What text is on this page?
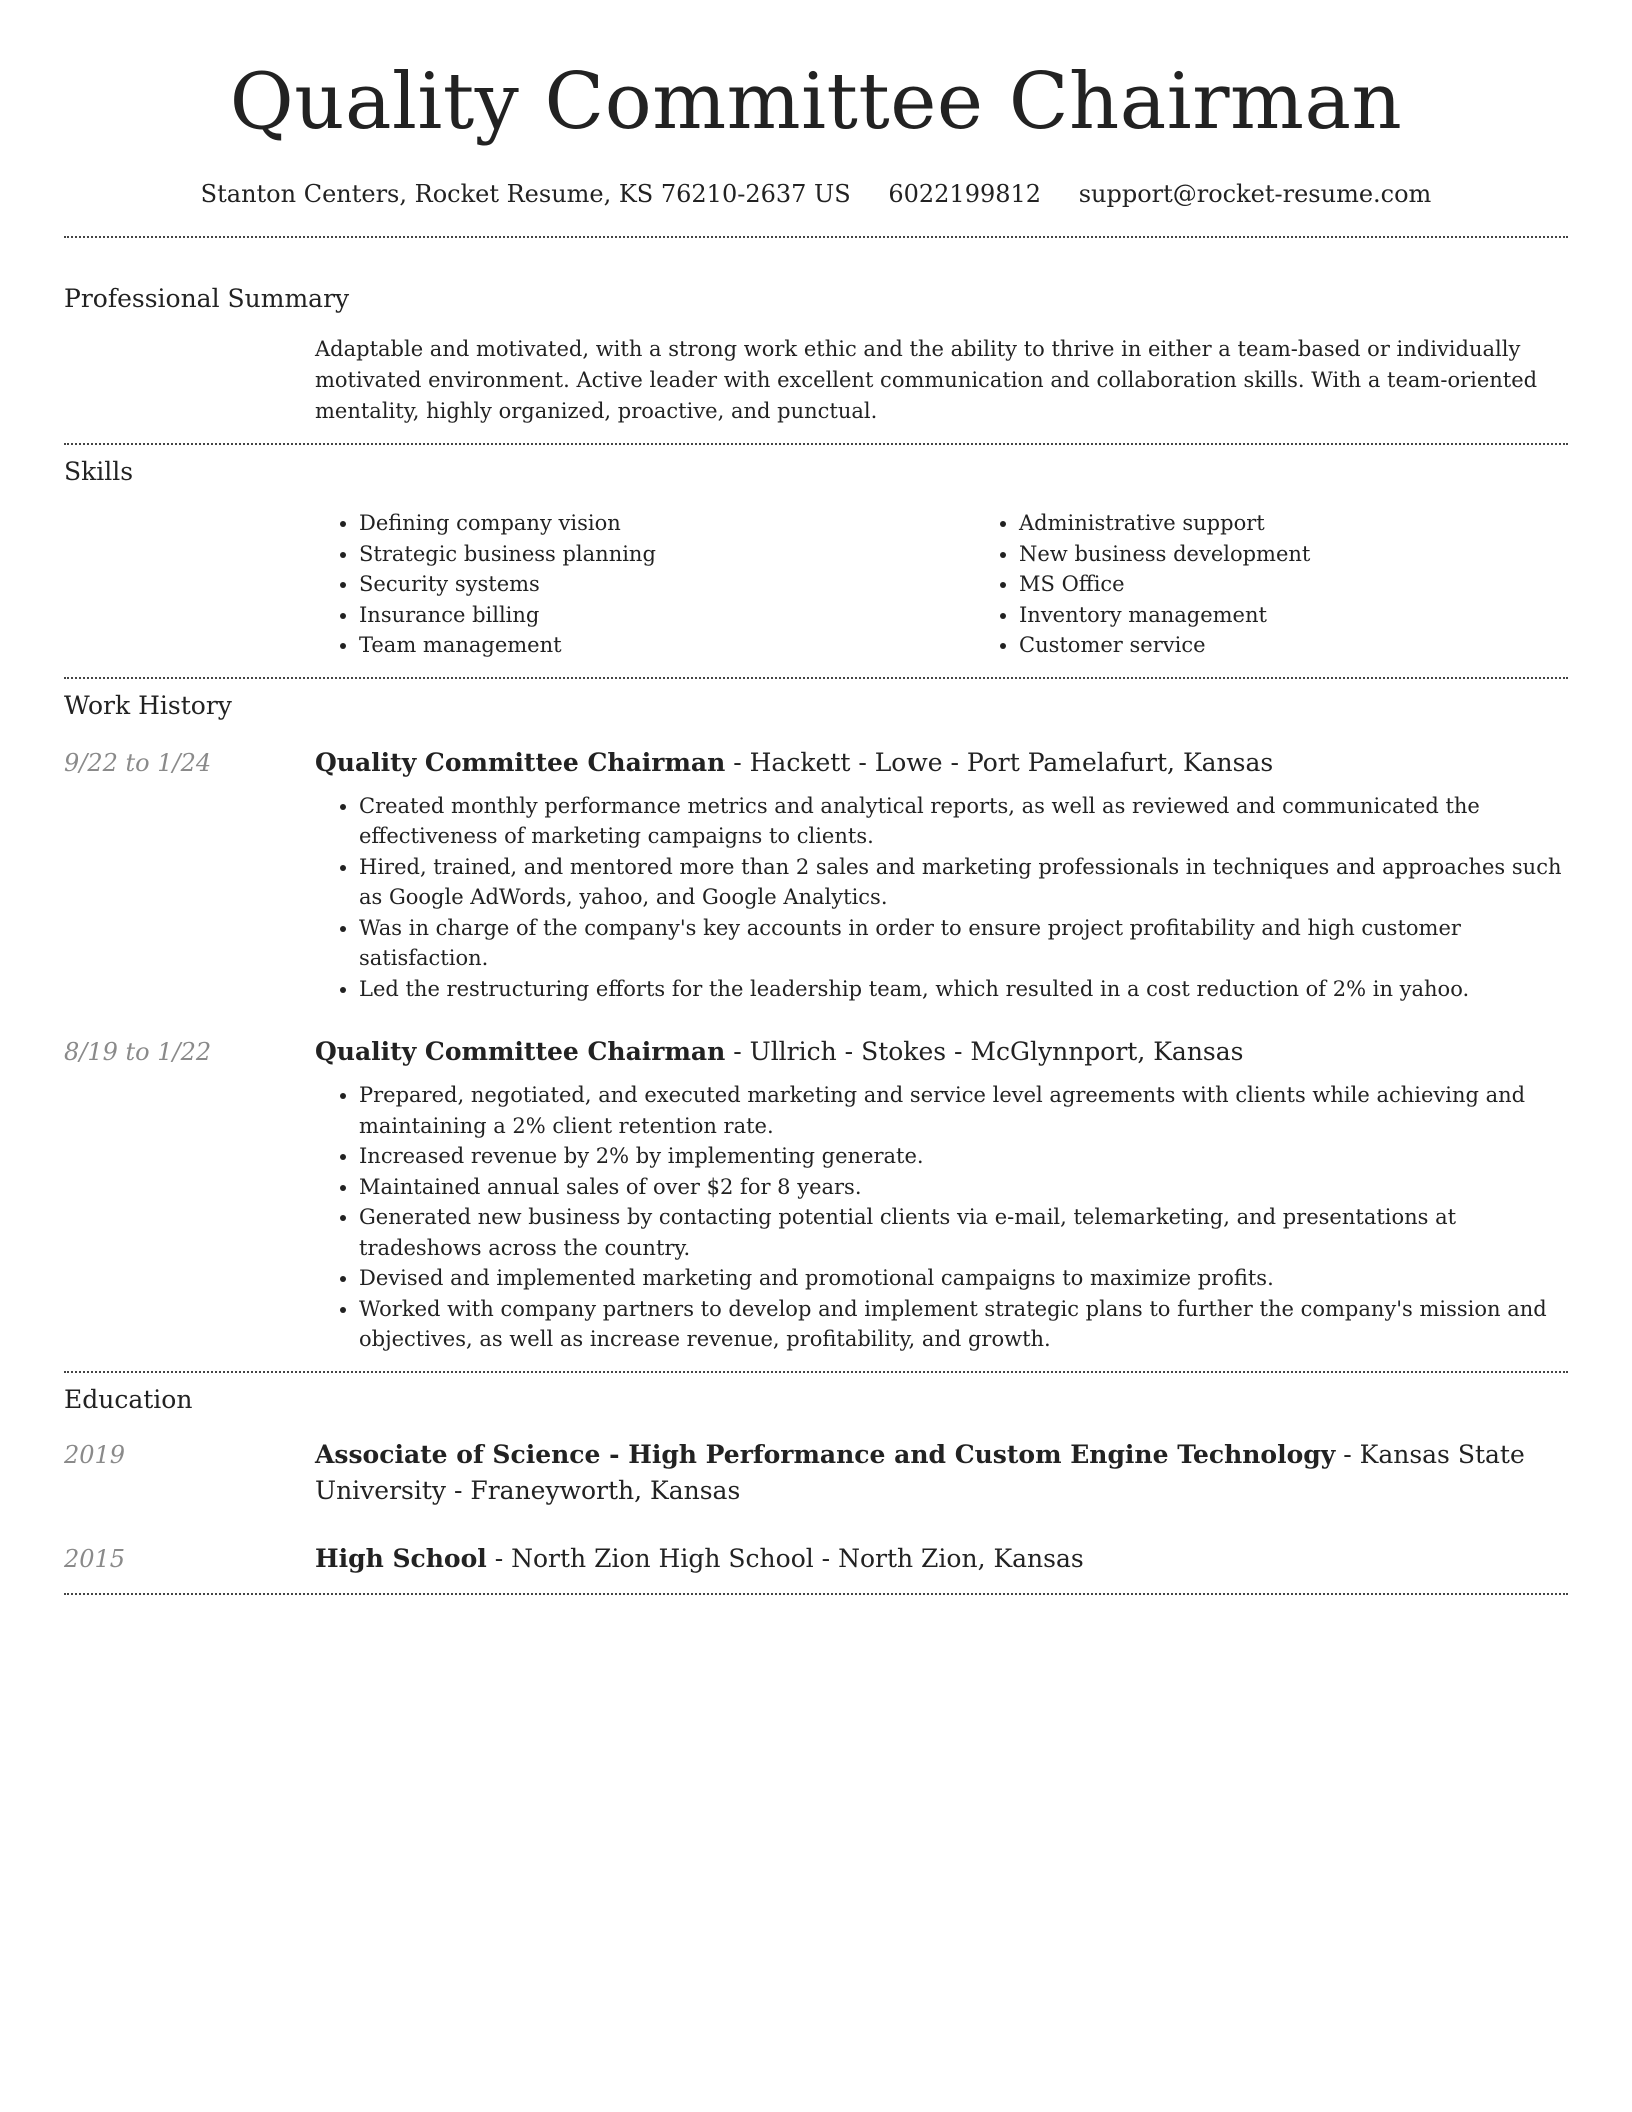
Quality Committee Chairman
Stanton Centers, Rocket Resume, KS 76210-2637 US 6022199812 support@rocket-resume.com
Professional Summary

Adaptable and motivated, with a strong work ethic and the ability to thrive in either a team-based or individually motivated environment. Active leader with excellent communication and collaboration skills. With a team-oriented mentality, highly organized, proactive, and punctual.

Skills
• Defining company vision
• Strategic business planning
• Security systems
• Insurance billing
• Team management
• Administrative support
• New business development
• MS Office
• Inventory management
• Customer service
Work History
9/22 to 1/24	Quality Committee Chairman - Hackett - Lowe - Port Pamelafurt, Kansas

• Created monthly performance metrics and analytical reports, as well as reviewed and communicated the effectiveness of marketing campaigns to clients.
• Hired, trained, and mentored more than 2 sales and marketing professionals in techniques and approaches such as Google AdWords, yahoo, and Google Analytics.
• Was in charge of the company's key accounts in order to ensure project profitability and high customer satisfaction.
• Led the restructuring efforts for the leadership team, which resulted in a cost reduction of 2% in yahoo.
8/19 to 1/22	Quality Committee Chairman - Ullrich - Stokes - McGlynnport, Kansas

• Prepared, negotiated, and executed marketing and service level agreements with clients while achieving and maintaining a 2% client retention rate.
• Increased revenue by 2% by implementing generate.
• Maintained annual sales of over $2 for 8 years.
• Generated new business by contacting potential clients via e-mail, telemarketing, and presentations at tradeshows across the country.
• Devised and implemented marketing and promotional campaigns to maximize profits.
• Worked with company partners to develop and implement strategic plans to further the company's mission and objectives, as well as increase revenue, profitability, and growth.
Education
2019	Associate of Science - High Performance and Custom Engine Technology - Kansas State University - Franeyworth, Kansas

2015	High School - North Zion High School - North Zion, Kansas
